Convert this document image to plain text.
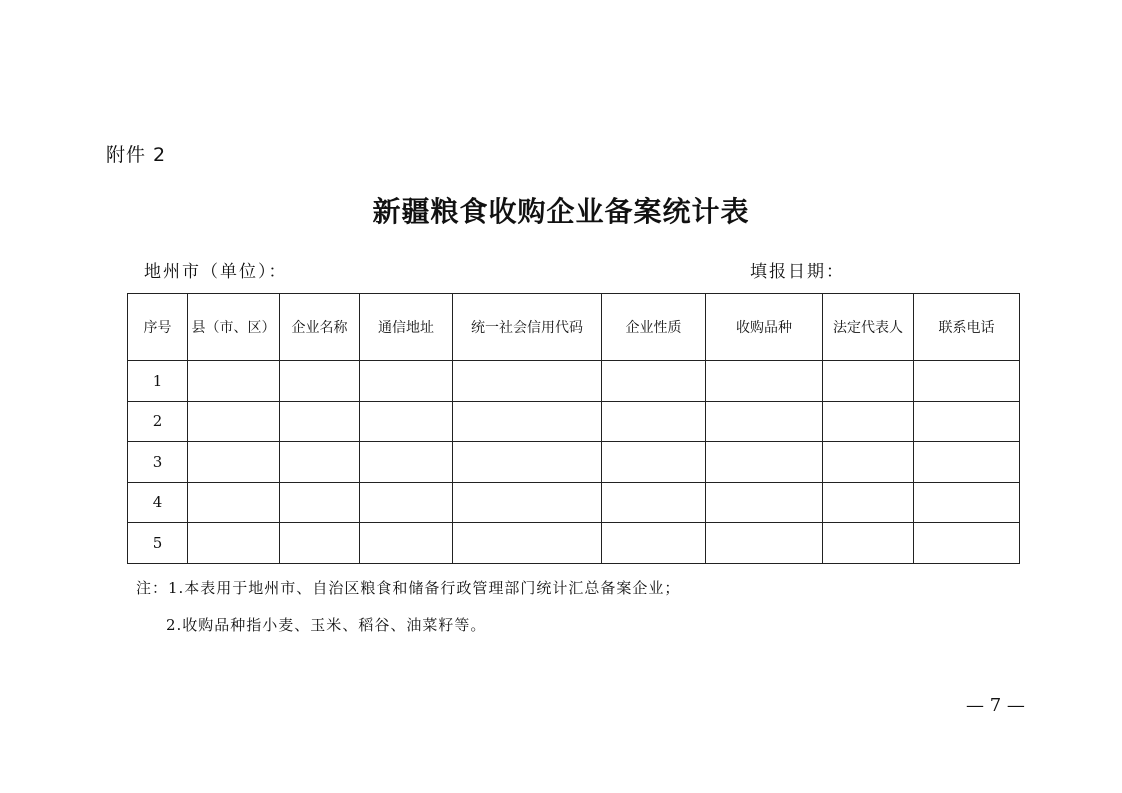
附件 2
新疆粮食收购企业备案统计表
地州市（单位）：	填报日期：
序号	县（市、区）	企业名称	通信地址	统一社会信用代码	企业性质	收购品种	法定代表人	联系电话
1								
2								
3								
4								
5								
注：1.本表用于地州市、自治区粮食和储备行政管理部门统计汇总备案企业；
2.收购品种指小麦、玉米、稻谷、油菜籽等。
— 7 —
